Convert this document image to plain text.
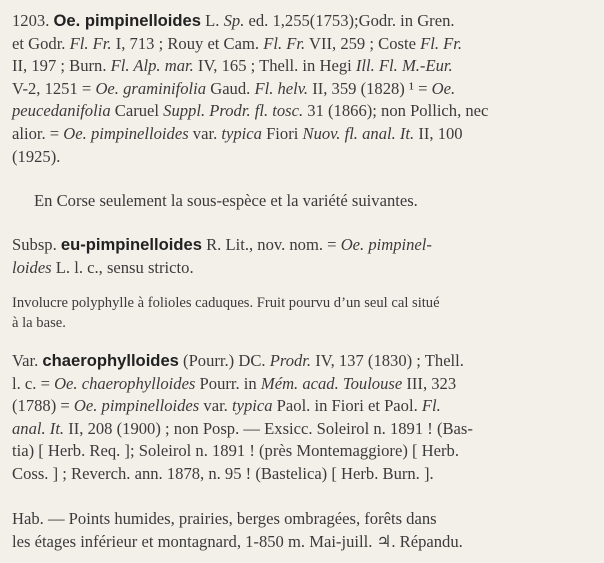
1203. Oe. pimpinelloides L. Sp. ed. 1,255(1753);Godr. in Gren.
et Godr. Fl. Fr. I, 713 ; Rouy et Cam. Fl. Fr. VII, 259 ; Coste Fl. Fr.
II, 197 ; Burn. Fl. Alp. mar. IV, 165 ; Thell. in Hegi Ill. Fl. M.-Eur.
V-2, 1251 = Oe. graminifolia Gaud. Fl. helv. II, 359 (1828) ¹ = Oe.
peucedanifolia Caruel Suppl. Prodr. fl. tosc. 31 (1866); non Pollich, nec
alior. = Oe. pimpinelloides var. typica Fiori Nuov. fl. anal. It. II, 100
(1925).
En Corse seulement la sous-espèce et la variété suivantes.
Subsp. eu-pimpinelloides R. Lit., nov. nom. = Oe. pimpinel-
loides L. l. c., sensu stricto.
Involucre polyphylle à folioles caduques. Fruit pourvu d’un seul cal situé
à la base.
Var. chaerophylloides (Pourr.) DC. Prodr. IV, 137 (1830) ; Thell.
l. c. = Oe. chaerophylloides Pourr. in Mém. acad. Toulouse III, 323
(1788) = Oe. pimpinelloides var. typica Paol. in Fiori et Paol. Fl.
anal. It. II, 208 (1900) ; non Posp. — Exsicc. Soleirol n. 1891 ! (Bas-
tia) [ Herb. Req. ]; Soleirol n. 1891 ! (près Montemaggiore) [ Herb.
Coss. ] ; Reverch. ann. 1878, n. 95 ! (Bastelica) [ Herb. Burn. ].
Hab. — Points humides, prairies, berges ombragées, forêts dans
les étages inférieur et montagnard, 1-850 m. Mai-juill. ♃. Répandu.
